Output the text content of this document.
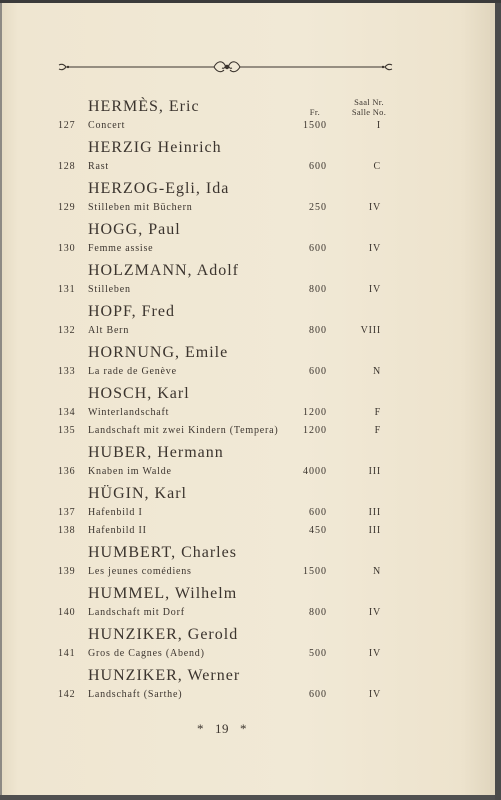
Fr.
Saal Nr.
Salle No.
HERMÈS, Eric
127 Concert	1500	I
HERZIG Heinrich
128 Rast	600	C
HERZOG-Egli, Ida
129 Stilleben mit Büchern	250	IV
HOGG, Paul
130 Femme assise	600	IV
HOLZMANN, Adolf
131 Stilleben	800	IV
HOPF, Fred
132 Alt Bern	800	VIII
HORNUNG, Emile
133 La rade de Genève	600	N
HOSCH, Karl
134 Winterlandschaft	1200	F
135 Landschaft mit zwei Kindern (Tempera)	1200	F
HUBER, Hermann
136 Knaben im Walde	4000	III
HÜGIN, Karl
137 Hafenbild I	600	III
138 Hafenbild II	450	III
HUMBERT, Charles
139 Les jeunes comédiens	1500	N
HUMMEL, Wilhelm
140 Landschaft mit Dorf	800	IV
HUNZIKER, Gerold
141 Gros de Cagnes (Abend)	500	IV
HUNZIKER, Werner
142 Landschaft (Sarthe)	600	IV
* 19 *
